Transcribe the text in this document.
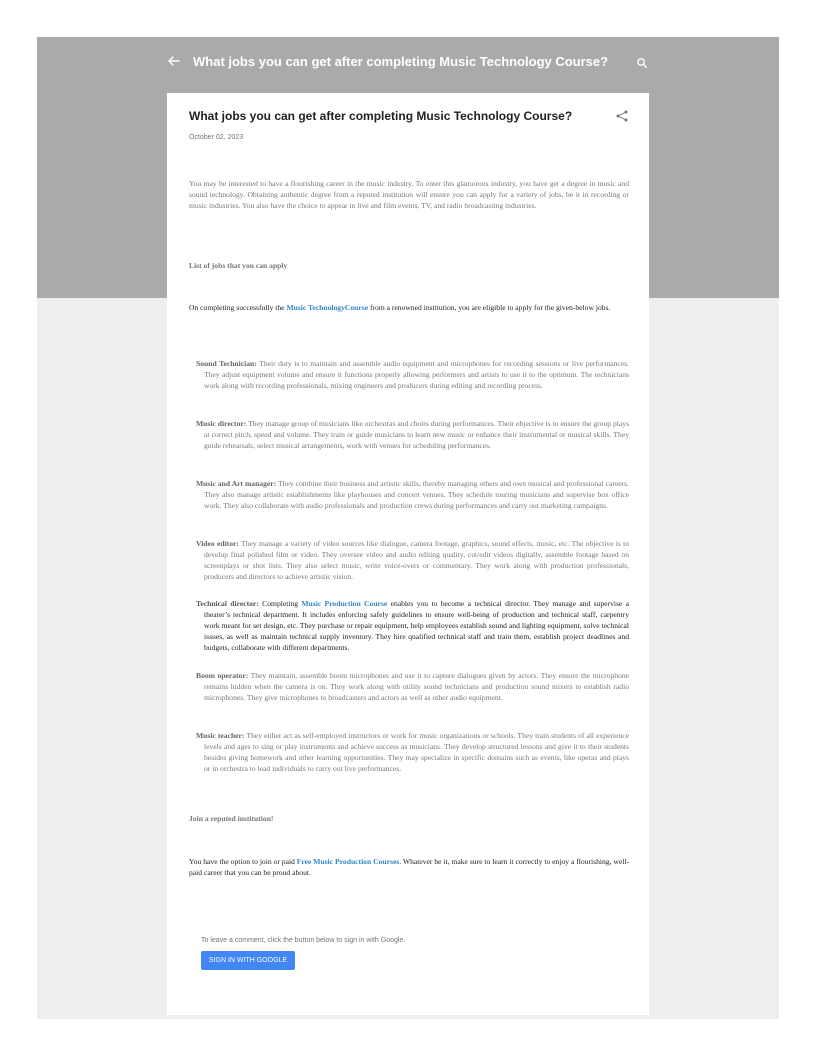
What jobs you can get after completing Music Technology Course?
What jobs you can get after completing Music Technology Course?
October 02, 2023

You may be interested to have a flourishing career in the music industry. To enter this glamorous industry, you have get a degree in music and sound technology. Obtaining authentic degree from a reputed institution will ensure you can apply for a variety of jobs, be it in recording or music industries. You also have the choice to appear in live and film events, TV, and radio broadcasting industries.

List of jobs that you can apply

On completing successfully the Music TechnologyCourse from a renowned institution, you are eligible to apply for the given-below jobs.

Sound Technician: Their duty is to maintain and assemble audio equipment and microphones for recording sessions or live performances. They adjust equipment volume and ensure it functions properly allowing performers and artists to use it to the optimum. The technicians work along with recording professionals, mixing engineers and producers during editing and recording process.

Music director: They manage group of musicians like orchestras and choirs during performances. Their objective is to ensure the group plays at correct pitch, speed and volume. They train or guide musicians to learn new music or enhance their instrumental or musical skills. They guide rehearsals, select musical arrangements, work with venues for scheduling performances.

Music and Art manager: They combine their business and artistic skills, thereby managing others and own musical and professional careers. They also manage artistic establishments like playhouses and concert venues. They schedule touring musicians and supervise box office work. They also collaborate with audio professionals and production crews during performances and carry out marketing campaigns.

Video editor: They manage a variety of video sources like dialogue, camera footage, graphics, sound effects, music, etc. The objective is to develop final polished film or video. They oversee video and audio editing quality, cut/edit videos digitally, assemble footage based on screenplays or shot lists. They also select music, write voice-overs or commentary. They work along with production professionals, producers and directors to achieve artistic vision.

Technical director: Completing Music Production Course enables you to become a technical director. They manage and supervise a theater’s technical department. It includes enforcing safely guidelines to ensure well-being of production and technical staff, carpentry work meant for set design, etc. They purchase or repair equipment, help employees establish sound and lighting equipment, solve technical issues, as well as maintain technical supply inventory. They hire qualified technical staff and train them, establish project deadlines and budgets, collaborate with different departments.

Boom operator: They maintain, assemble boom microphones and use it to capture dialogues given by actors. They ensure the microphone remains hidden when the camera is on. They work along with utility sound technicians and production sound mixers to establish radio microphones. They give microphones to broadcasters and actors as well as other audio equipment.

Music teacher: They either act as self-employed instructors or work for music organizations or schools. They train students of all experience levels and ages to sing or play instruments and achieve success as musicians. They develop structured lessons and give it to their students besides giving homework and other learning opportunities. They may specialize in specific domains such as events, like operas and plays or in orchestra to lead individuals to carry out live performances.

Join a reputed institution!

You have the option to join or paid Free Music Production Courses. Whatever be it, make sure to learn it correctly to enjoy a flourishing, well-paid career that you can be proud about.

To leave a comment, click the button below to sign in with Google.
SIGN IN WITH GOOGLE
